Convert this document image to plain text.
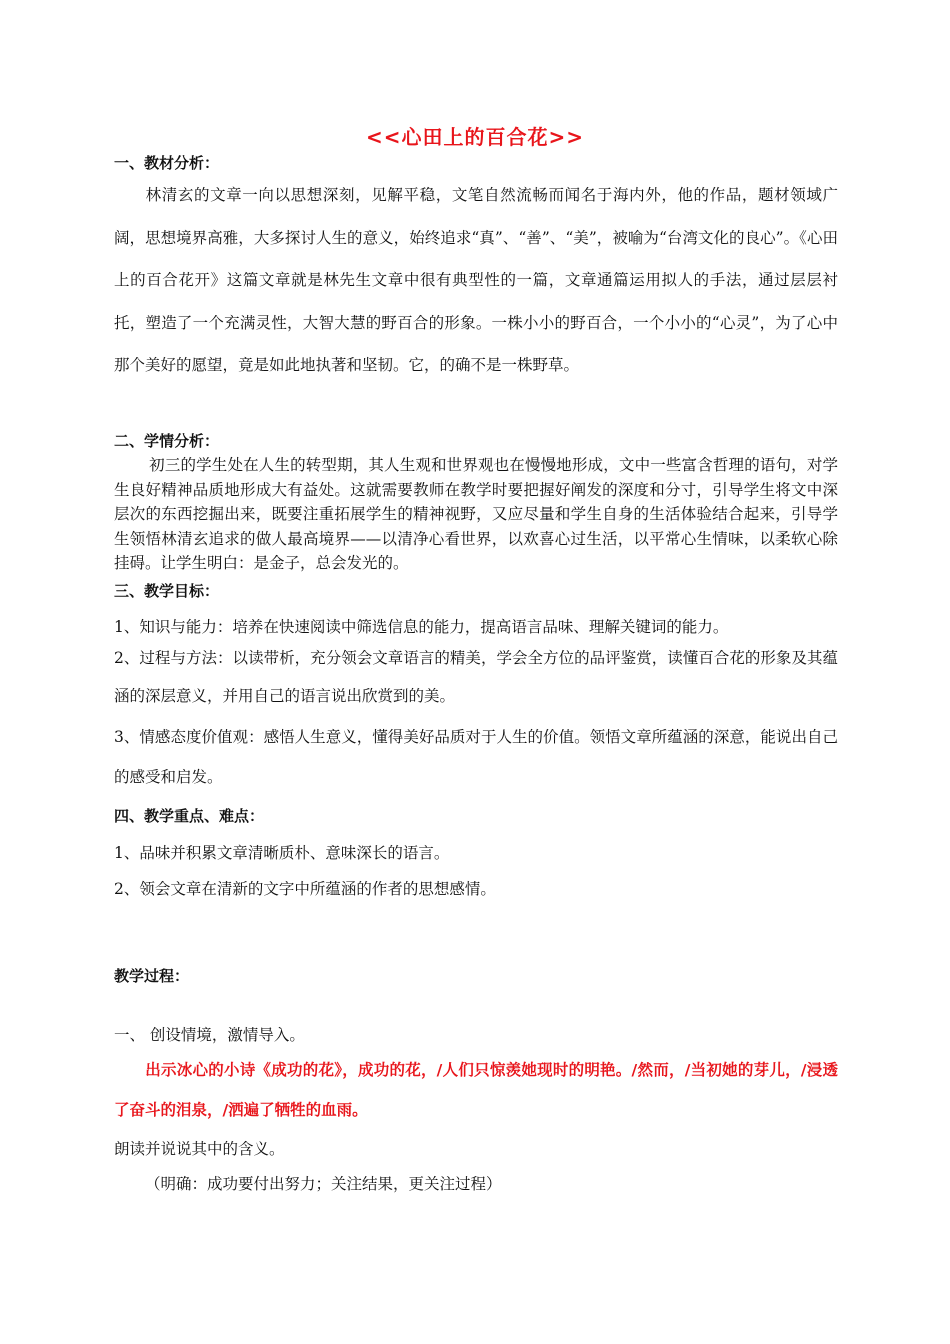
<<心田上的百合花>>
一、教材分析：
林清玄的文章一向以思想深刻，见解平稳，文笔自然流畅而闻名于海内外，他的作品，题材领域广阔，思想境界高雅，大多探讨人生的意义，始终追求“真”、“善”、“美”，被喻为“台湾文化的良心”。《心田上的百合花开》这篇文章就是林先生文章中很有典型性的一篇，文章通篇运用拟人的手法，通过层层衬托，塑造了一个充满灵性，大智大慧的野百合的形象。一株小小的野百合，一个小小的“心灵”，为了心中那个美好的愿望，竟是如此地执著和坚韧。它，的确不是一株野草。
二、学情分析：
初三的学生处在人生的转型期，其人生观和世界观也在慢慢地形成，文中一些富含哲理的语句，对学生良好精神品质地形成大有益处。这就需要教师在教学时要把握好阐发的深度和分寸，引导学生将文中深层次的东西挖掘出来，既要注重拓展学生的精神视野，又应尽量和学生自身的生活体验结合起来，引导学生领悟林清玄追求的做人最高境界——以清净心看世界，以欢喜心过生活，以平常心生情味，以柔软心除挂碍。让学生明白：是金子，总会发光的。
三、教学目标：
1、知识与能力：培养在快速阅读中筛选信息的能力，提高语言品味、理解关键词的能力。
2、过程与方法：以读带析，充分领会文章语言的精美，学会全方位的品评鉴赏，读懂百合花的形象及其蕴涵的深层意义，并用自己的语言说出欣赏到的美。
3、情感态度价值观：感悟人生意义，懂得美好品质对于人生的价值。领悟文章所蕴涵的深意，能说出自己的感受和启发。
四、教学重点、难点：
1、品味并积累文章清晰质朴、意味深长的语言。
2、领会文章在清新的文字中所蕴涵的作者的思想感情。
教学过程：
一、 创设情境，激情导入。
出示冰心的小诗《成功的花》，成功的花，/人们只惊羡她现时的明艳。/然而，/当初她的芽儿，/浸透了奋斗的泪泉，/洒遍了牺牲的血雨。
朗读并说说其中的含义。
（明确：成功要付出努力；关注结果，更关注过程）
